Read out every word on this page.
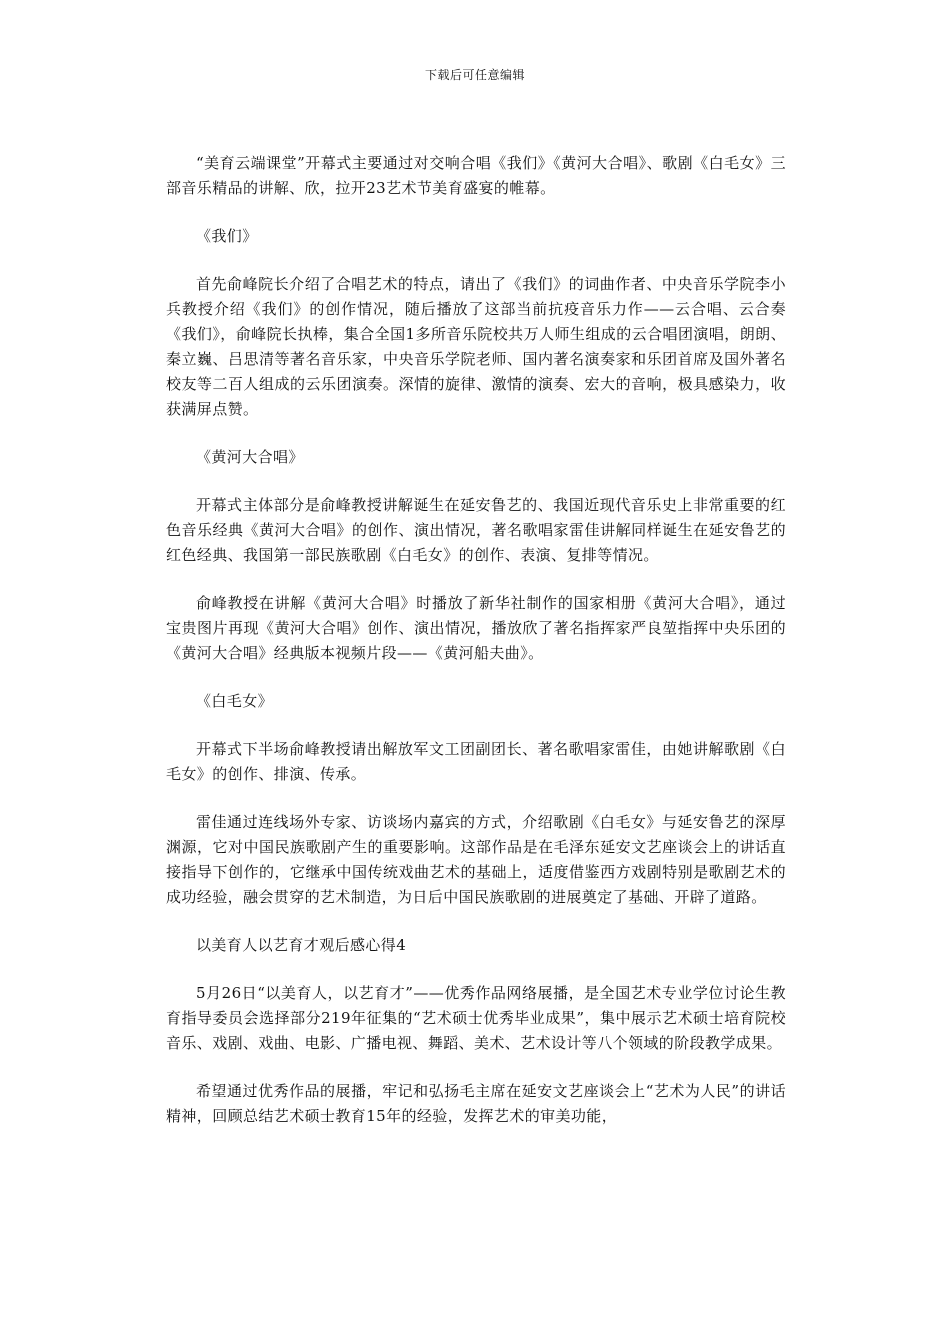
下载后可任意编辑

“美育云端课堂”开幕式主要通过对交响合唱《我们》《黄河大合唱》、歌剧《白毛女》三部音乐精品的讲解、欣，拉开23艺术节美育盛宴的帷幕。

《我们》

首先俞峰院长介绍了合唱艺术的特点，请出了《我们》的词曲作者、中央音乐学院李小兵教授介绍《我们》的创作情况，随后播放了这部当前抗疫音乐力作——云合唱、云合奏《我们》，俞峰院长执棒，集合全国1多所音乐院校共万人师生组成的云合唱团演唱，朗朗、秦立巍、吕思清等著名音乐家，中央音乐学院老师、国内著名演奏家和乐团首席及国外著名校友等二百人组成的云乐团演奏。深情的旋律、激情的演奏、宏大的音响，极具感染力，收获满屏点赞。

《黄河大合唱》

开幕式主体部分是俞峰教授讲解诞生在延安鲁艺的、我国近现代音乐史上非常重要的红色音乐经典《黄河大合唱》的创作、演出情况，著名歌唱家雷佳讲解同样诞生在延安鲁艺的红色经典、我国第一部民族歌剧《白毛女》的创作、表演、复排等情况。

俞峰教授在讲解《黄河大合唱》时播放了新华社制作的国家相册《黄河大合唱》，通过宝贵图片再现《黄河大合唱》创作、演出情况，播放欣了著名指挥家严良堃指挥中央乐团的《黄河大合唱》经典版本视频片段——《黄河船夫曲》。

《白毛女》

开幕式下半场俞峰教授请出解放军文工团副团长、著名歌唱家雷佳，由她讲解歌剧《白毛女》的创作、排演、传承。

雷佳通过连线场外专家、访谈场内嘉宾的方式，介绍歌剧《白毛女》与延安鲁艺的深厚渊源，它对中国民族歌剧产生的重要影响。这部作品是在毛泽东延安文艺座谈会上的讲话直接指导下创作的，它继承中国传统戏曲艺术的基础上，适度借鉴西方戏剧特别是歌剧艺术的成功经验，融会贯穿的艺术制造，为日后中国民族歌剧的进展奠定了基础、开辟了道路。

以美育人以艺育才观后感心得4

5月26日“以美育人，以艺育才”——优秀作品网络展播，是全国艺术专业学位讨论生教育指导委员会选择部分219年征集的“艺术硕士优秀毕业成果”，集中展示艺术硕士培育院校音乐、戏剧、戏曲、电影、广播电视、舞蹈、美术、艺术设计等八个领域的阶段教学成果。

希望通过优秀作品的展播，牢记和弘扬毛主席在延安文艺座谈会上“艺术为人民”的讲话精神，回顾总结艺术硕士教育15年的经验，发挥艺术的审美功能，
